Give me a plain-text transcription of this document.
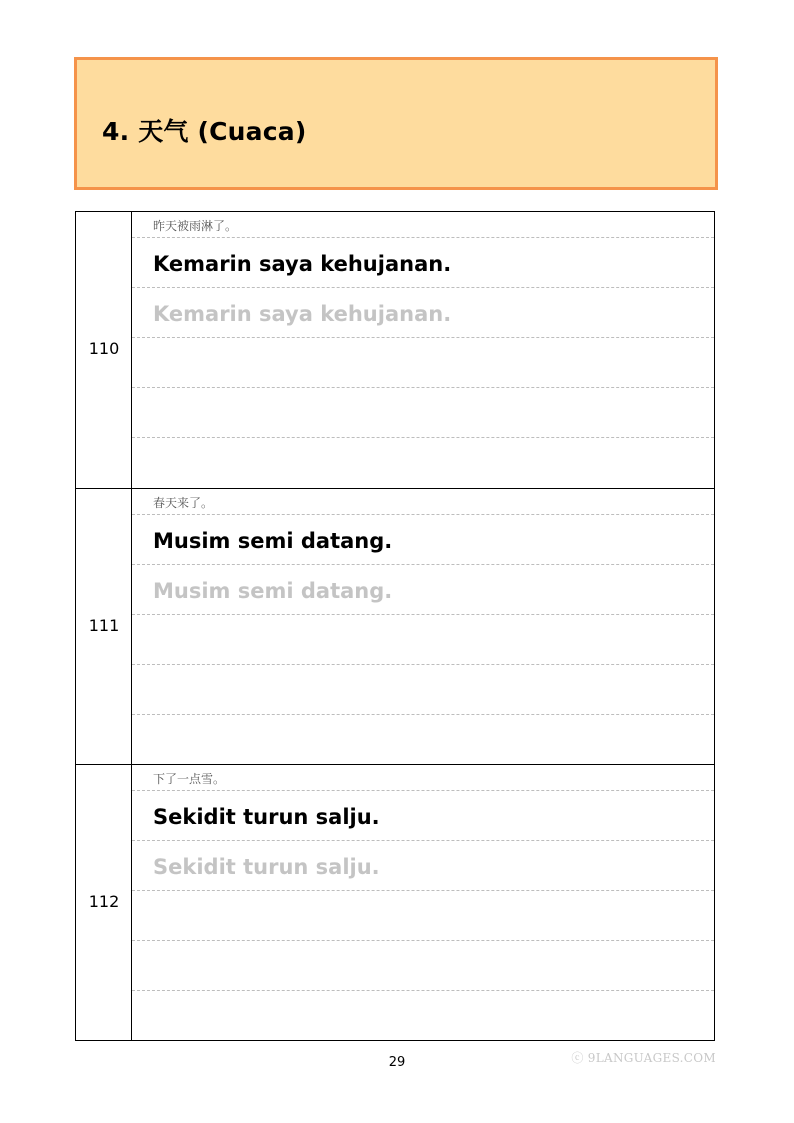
4. 天气 (Cuaca)
110
昨天被雨淋了。
Kemarin saya kehujanan.
Kemarin saya kehujanan.
111
春天来了。
Musim semi datang.
Musim semi datang.
112
下了一点雪。
Sekidit turun salju.
Sekidit turun salju.
29	ⓒ 9LANGUAGES.COM
